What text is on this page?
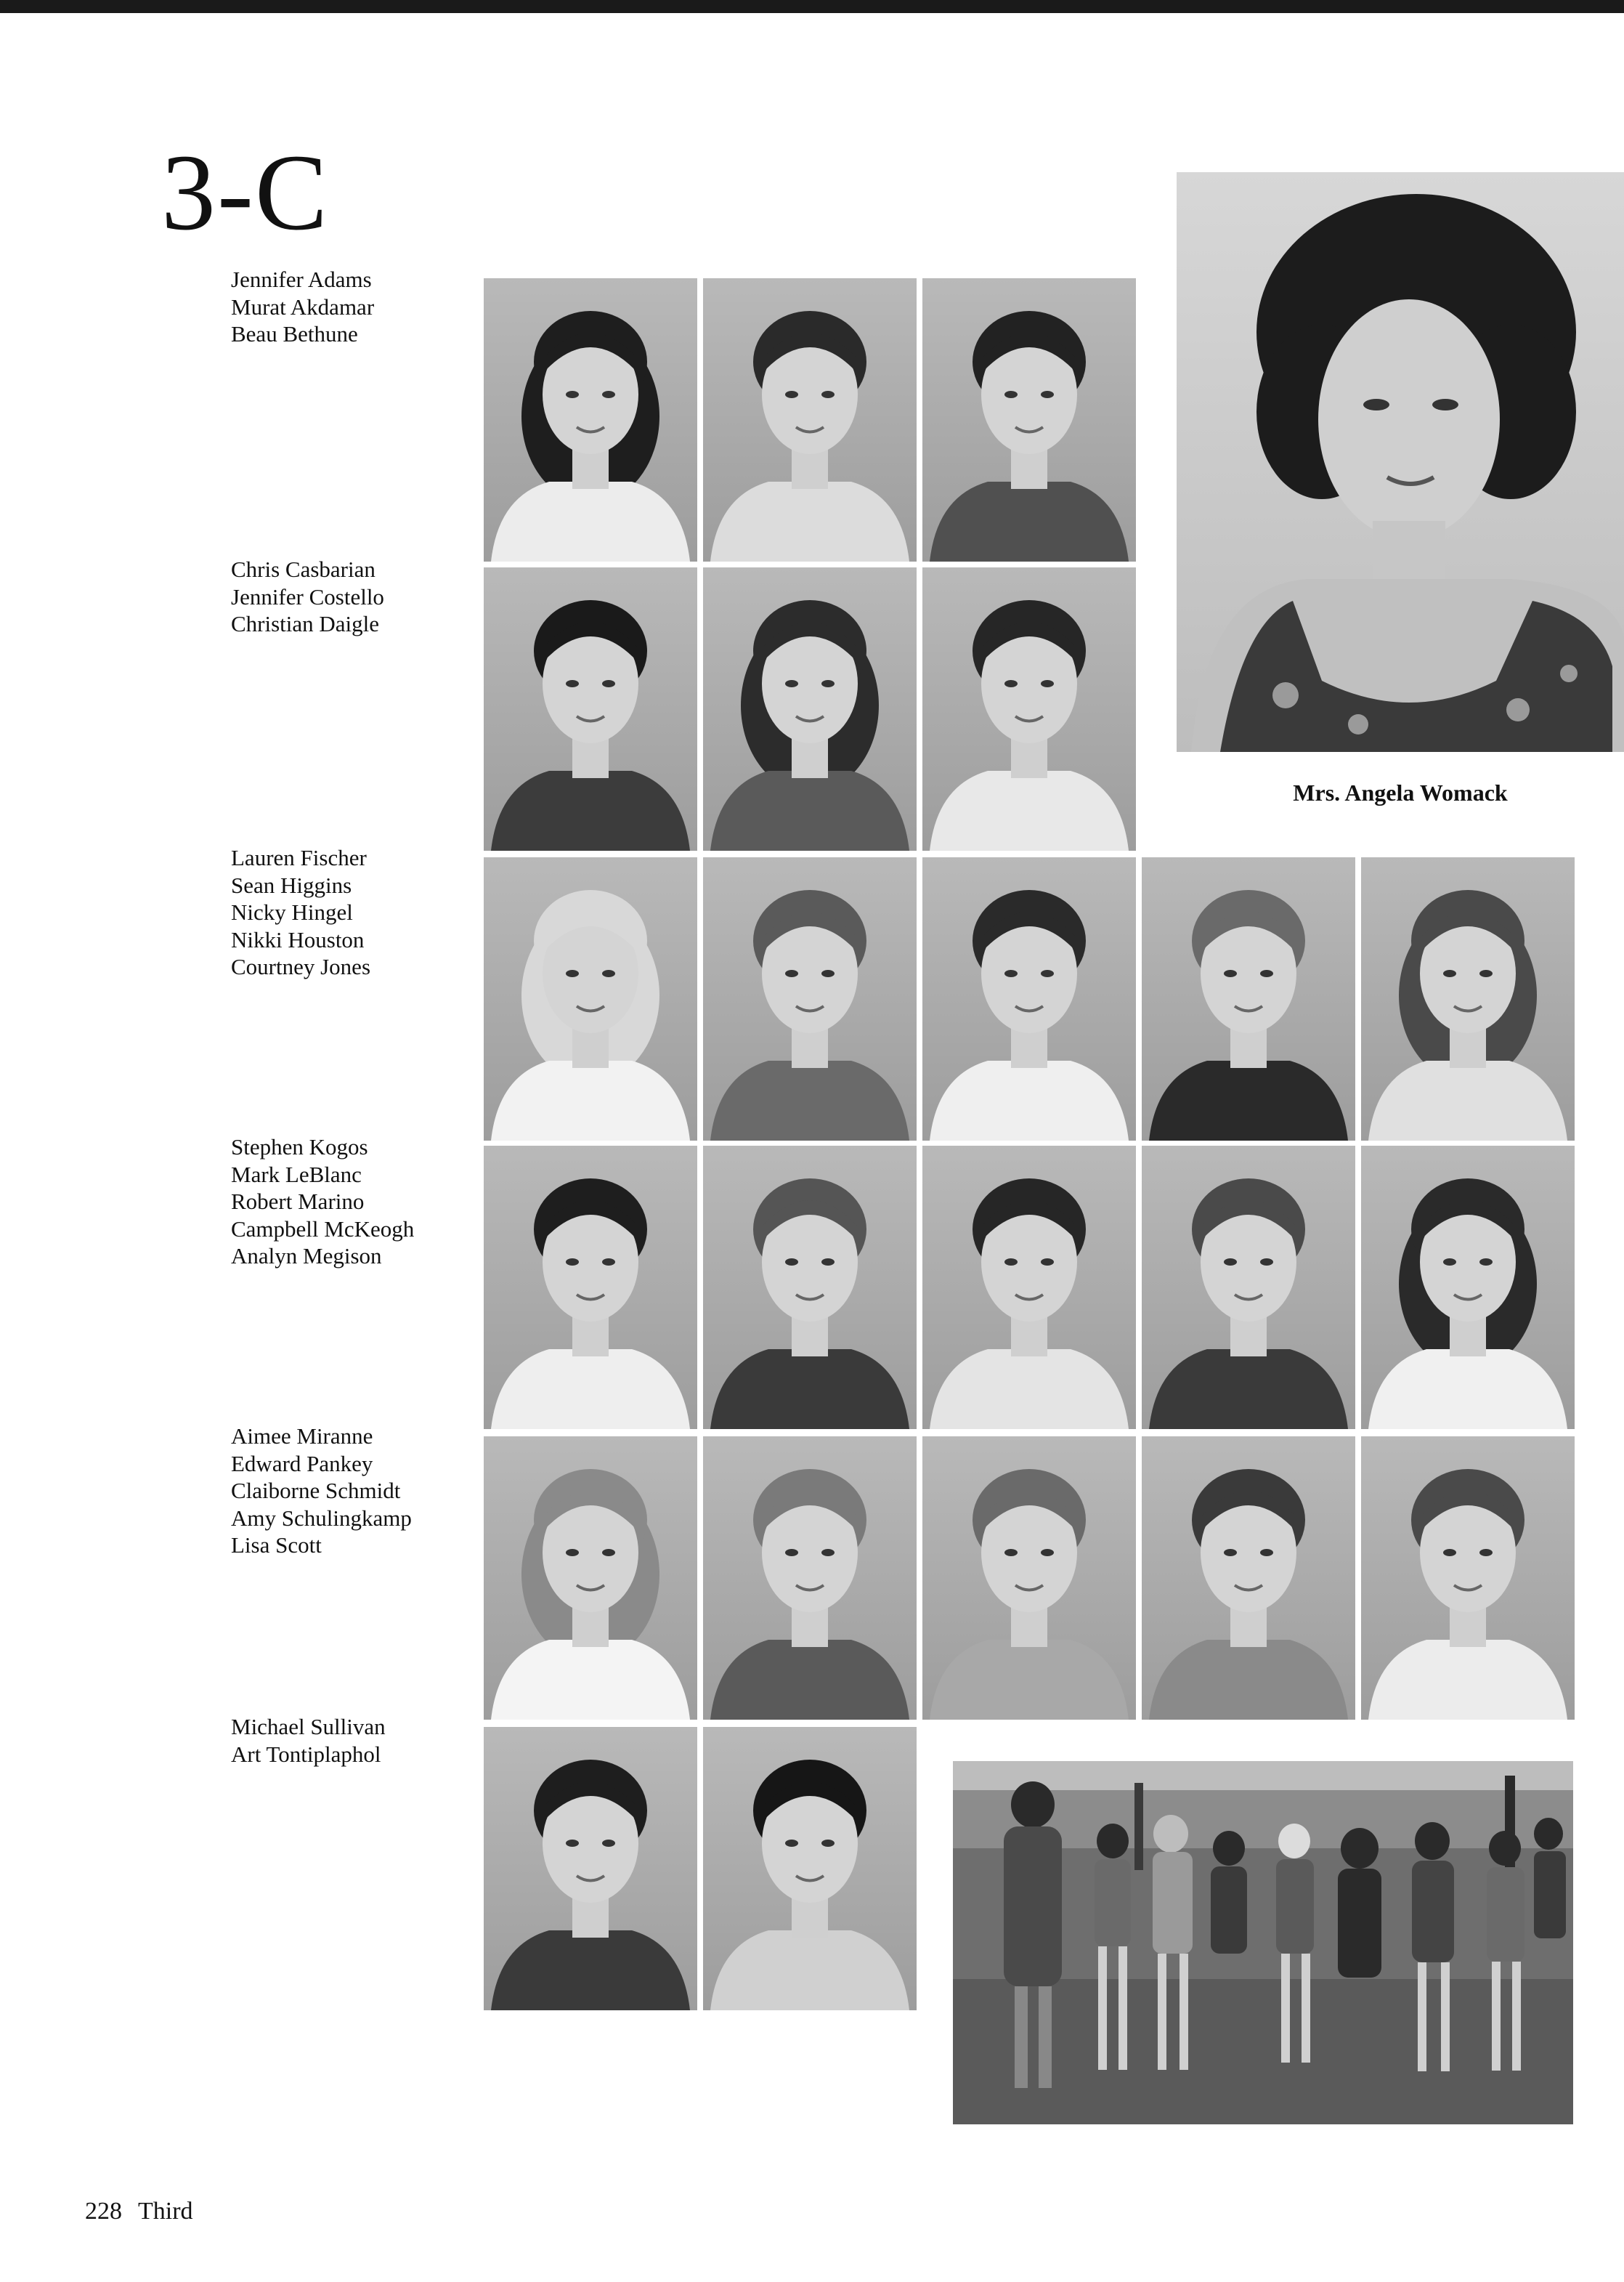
3-C
Jennifer Adams
Murat Akdamar
Beau Bethune
Chris Casbarian
Jennifer Costello
Christian Daigle
Lauren Fischer
Sean Higgins
Nicky Hingel
Nikki Houston
Courtney Jones
Stephen Kogos
Mark LeBlanc
Robert Marino
Campbell McKeogh
Analyn Megison
Aimee Miranne
Edward Pankey
Claiborne Schmidt
Amy Schulingkamp
Lisa Scott
Michael Sullivan
Art Tontiplaphol
Mrs. Angela Womack
228 Third
